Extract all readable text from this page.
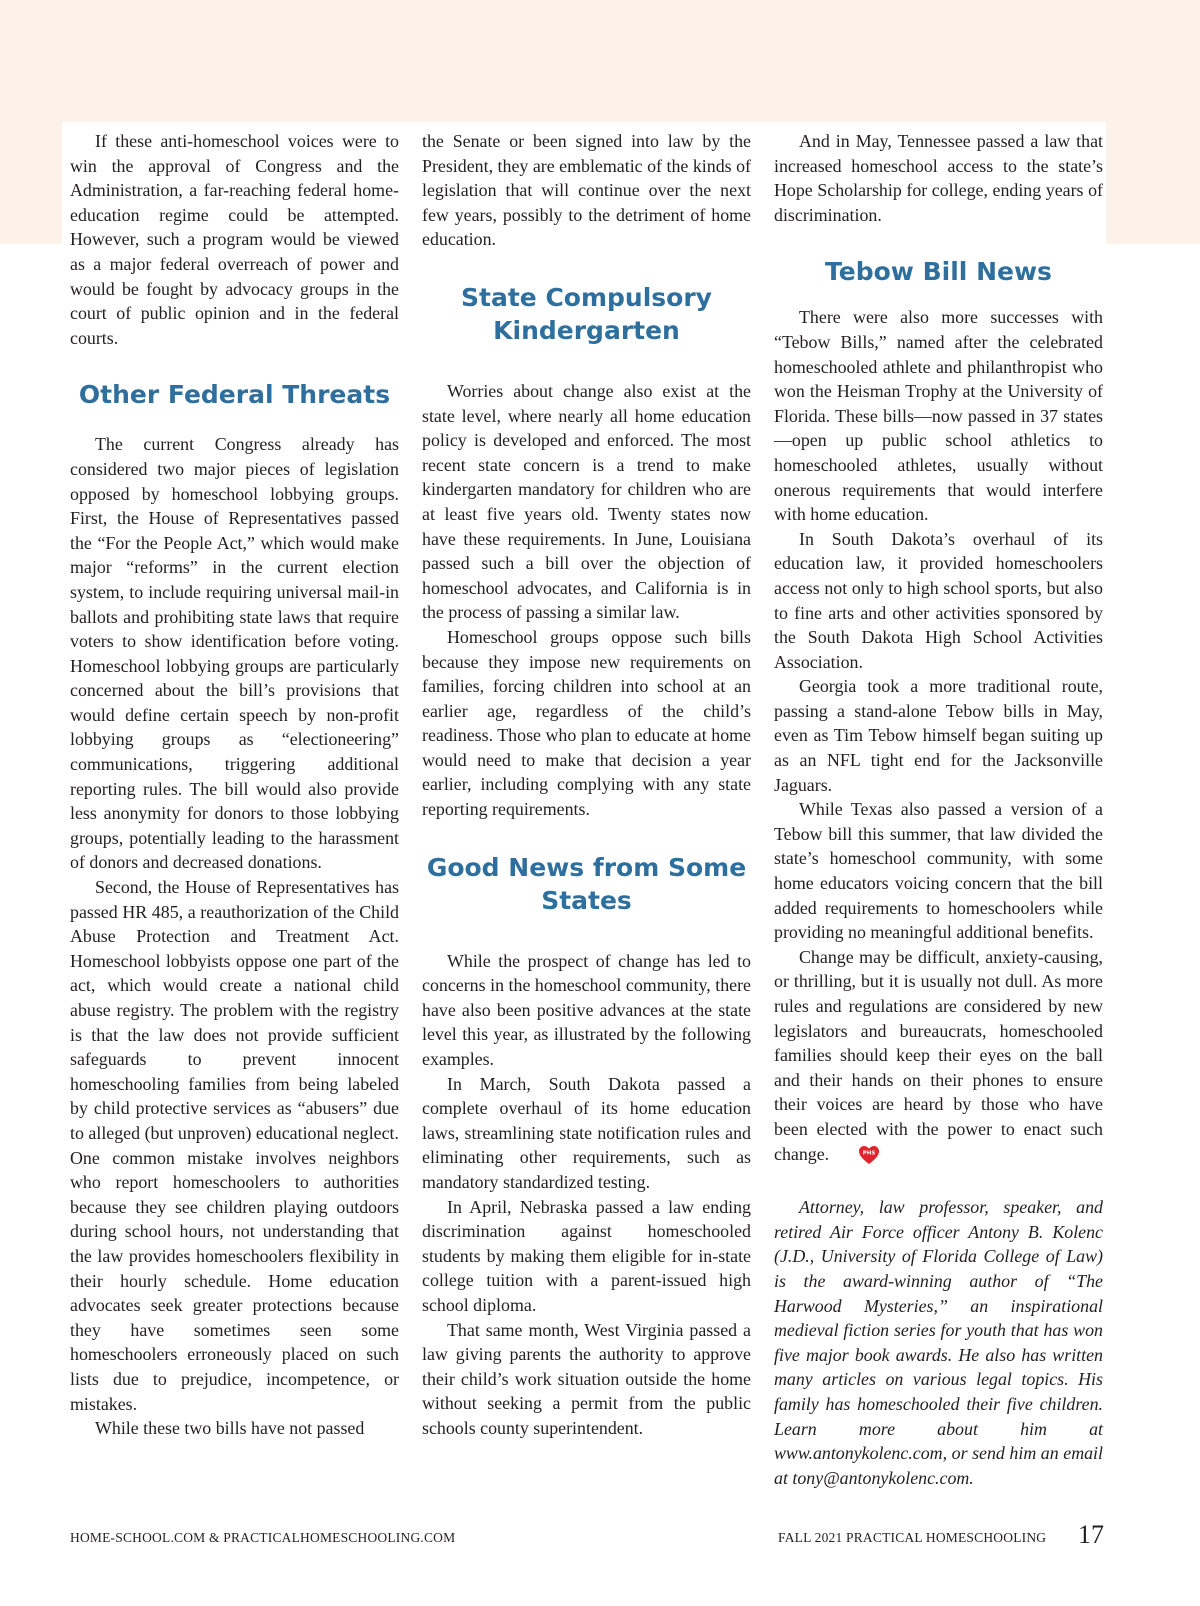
If these anti-homeschool voices were to win the approval of Congress and the Administration, a far-reaching federal home-education regime could be attempted. However, such a program would be viewed as a major federal overreach of power and would be fought by advocacy groups in the court of public opinion and in the federal courts.

Other Federal Threats

The current Congress already has considered two major pieces of legislation opposed by homeschool lobbying groups. First, the House of Representatives passed the “For the People Act,” which would make major “reforms” in the current election system, to include requiring universal mail-in ballots and prohibiting state laws that require voters to show identification before voting. Homeschool lobbying groups are particularly concerned about the bill’s provisions that would define certain speech by non-profit lobbying groups as “electioneering” communications, triggering additional reporting rules. The bill would also provide less anonymity for donors to those lobbying groups, potentially leading to the harassment of donors and decreased donations.

Second, the House of Representatives has passed HR 485, a reauthorization of the Child Abuse Protection and Treatment Act. Homeschool lobbyists oppose one part of the act, which would create a national child abuse registry. The problem with the registry is that the law does not provide sufficient safeguards to prevent innocent homeschooling families from being labeled by child protective services as “abusers” due to alleged (but unproven) educational neglect. One common mistake involves neighbors who report homeschoolers to authorities because they see children playing outdoors during school hours, not understanding that the law provides homeschoolers flexibility in their hourly schedule. Home education advocates seek greater protections because they have sometimes seen some homeschoolers erroneously placed on such lists due to prejudice, incompetence, or mistakes.

While these two bills have not passed

the Senate or been signed into law by the President, they are emblematic of the kinds of legislation that will continue over the next few years, possibly to the detriment of home education.

State Compulsory Kindergarten

Worries about change also exist at the state level, where nearly all home education policy is developed and enforced. The most recent state concern is a trend to make kindergarten mandatory for children who are at least five years old. Twenty states now have these requirements. In June, Louisiana passed such a bill over the objection of homeschool advocates, and California is in the process of passing a similar law.

Homeschool groups oppose such bills because they impose new requirements on families, forcing children into school at an earlier age, regardless of the child’s readiness. Those who plan to educate at home would need to make that decision a year earlier, including complying with any state reporting requirements.

Good News from Some States

While the prospect of change has led to concerns in the homeschool community, there have also been positive advances at the state level this year, as illustrated by the following examples.

In March, South Dakota passed a complete overhaul of its home education laws, streamlining state notification rules and eliminating other requirements, such as mandatory standardized testing.

In April, Nebraska passed a law ending discrimination against homeschooled students by making them eligible for in-state college tuition with a parent-issued high school diploma.

That same month, West Virginia passed a law giving parents the authority to approve their child’s work situation outside the home without seeking a permit from the public schools county superintendent.

And in May, Tennessee passed a law that increased homeschool access to the state’s Hope Scholarship for college, ending years of discrimination.

Tebow Bill News

There were also more successes with “Tebow Bills,” named after the celebrated homeschooled athlete and philanthropist who won the Heisman Trophy at the University of Florida. These bills—now passed in 37 states—open up public school athletics to homeschooled athletes, usually without onerous requirements that would interfere with home education.

In South Dakota’s overhaul of its education law, it provided homeschoolers access not only to high school sports, but also to fine arts and other activities sponsored by the South Dakota High School Activities Association.

Georgia took a more traditional route, passing a stand-alone Tebow bills in May, even as Tim Tebow himself began suiting up as an NFL tight end for the Jacksonville Jaguars.

While Texas also passed a version of a Tebow bill this summer, that law divided the state’s homeschool community, with some home educators voicing concern that the bill added requirements to homeschoolers while providing no meaningful additional benefits.

Change may be difficult, anxiety-causing, or thrilling, but it is usually not dull. As more rules and regulations are considered by new legislators and bureaucrats, homeschooled families should keep their eyes on the ball and their hands on their phones to ensure their voices are heard by those who have been elected with the power to enact such change.	PHS

Attorney, law professor, speaker, and retired Air Force officer Antony B. Kolenc (J.D., University of Florida College of Law) is the award-winning author of “The Harwood Mysteries,” an inspirational medieval fiction series for youth that has won five major book awards. He also has written many articles on various legal topics. His family has homeschooled their five children. Learn more about him at www.antonykolenc.com, or send him an email at tony@antonykolenc.com.

HOME-SCHOOL.COM & PRACTICALHOMESCHOOLING.COM	FALL 2021 PRACTICAL HOMESCHOOLING 17
